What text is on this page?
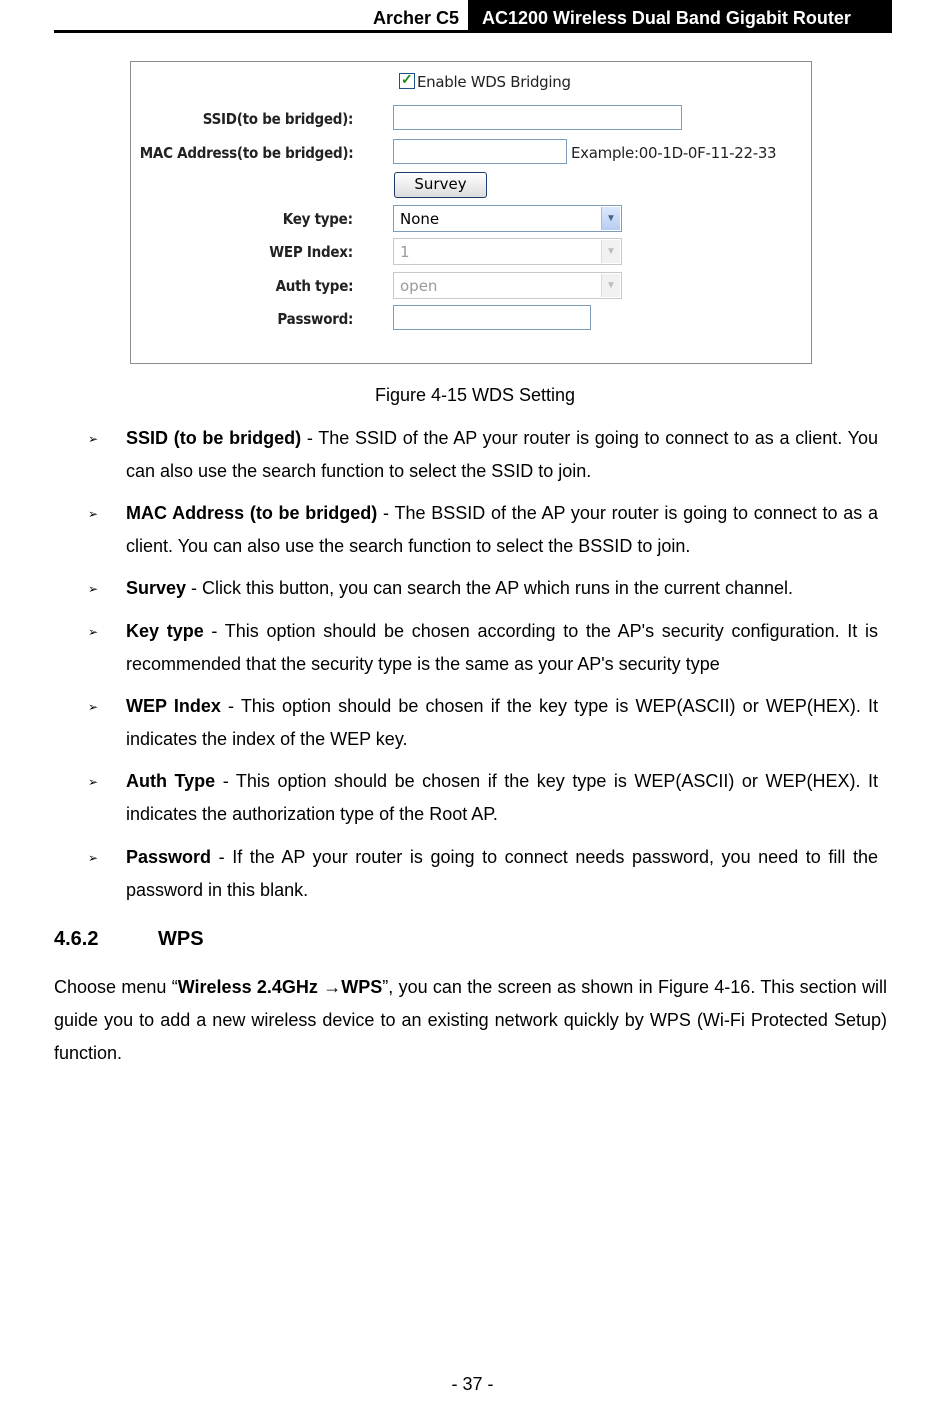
Archer C5 AC1200 Wireless Dual Band Gigabit Router
✓ Enable WDS Bridging
SSID(to be bridged):
MAC Address(to be bridged):	Example:00-1D-0F-11-22-33
Survey
Key type:	None	▼
WEP Index:	1	▼
Auth type:	open	▼
Password:
Figure 4-15 WDS Setting
➢ SSID (to be bridged) - The SSID of the AP your router is going to connect to as a client. You can also use the search function to select the SSID to join.
➢ MAC Address (to be bridged) - The BSSID of the AP your router is going to connect to as a client. You can also use the search function to select the BSSID to join.
➢ Survey - Click this button, you can search the AP which runs in the current channel.
➢ Key type - This option should be chosen according to the AP's security configuration. It is recommended that the security type is the same as your AP's security type
➢ WEP Index - This option should be chosen if the key type is WEP(ASCII) or WEP(HEX). It indicates the index of the WEP key.
➢ Auth Type - This option should be chosen if the key type is WEP(ASCII) or WEP(HEX). It indicates the authorization type of the Root AP.
➢ Password - If the AP your router is going to connect needs password, you need to fill the password in this blank.
4.6.2	WPS
Choose menu “Wireless 2.4GHz →WPS”, you can the screen as shown in Figure 4-16. This section will guide you to add a new wireless device to an existing network quickly by WPS (Wi-Fi Protected Setup) function.
- 37 -
